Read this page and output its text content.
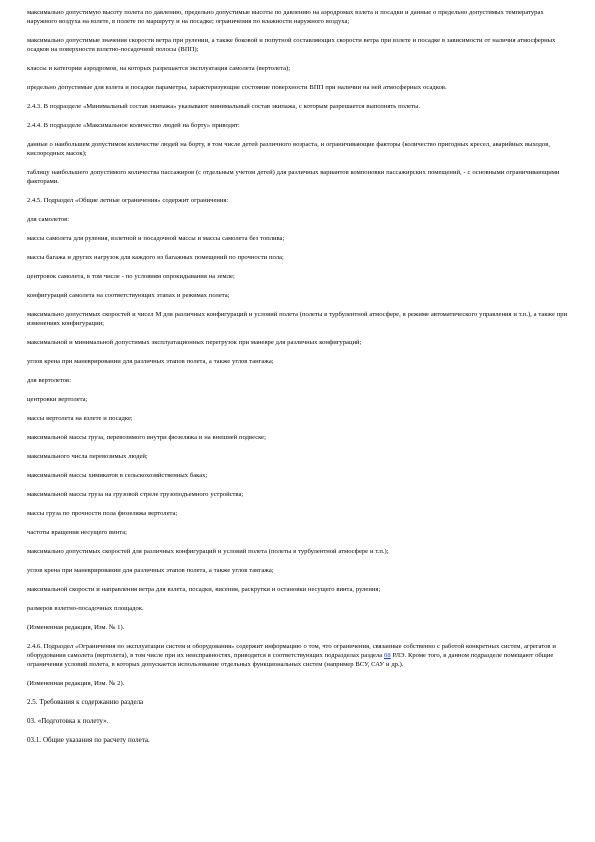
максимально допустимую высоту полета по давлению, предельно допустимые высоты по давлению на аэродромах взлета и посадки и данные о предельно допустимых температурах наружного воздуха на взлете, в полете по маршруту и на посадке; ограничения по влажности наружного воздуха;

максимально допустимые значения скорости ветра при рулении, а также боковой и попутной составляющих скорости ветра при взлете и посадке в зависимости от наличия атмосферных осадков на поверхности взлетно-посадочной полосы (ВПП);

классы и категории аэродромов, на которых разрешается эксплуатация самолета (вертолета);

предельно допустимые для взлета и посадки параметры, характеризующие состояние поверхности ВПП при наличии на ней атмосферных осадков.

2.4.3. В подразделе «Минимальный состав экипажа» указывают минимальный состав экипажа, с которым разрешается выполнять полеты.

2.4.4. В подразделе «Максимальное количество людей на борту» приводят:

данные о наибольшем допустимом количестве людей на борту, в том числе детей различного возраста, и ограничивающие факторы (количество пригодных кресел, аварийных выходов, кислородных масок);

таблицу наибольшего допустимого количества пассажиров (с отдельным учетом детей) для различных вариантов компоновки пассажирских помещений, - с основными ограничивающими факторами.

2.4.5. Подраздел «Общие летные ограничения» содержит ограничения:

для самолетов:

массы самолета для руления, взлетной и посадочной массы и массы самолета без топлива;

массы багажа и других нагрузок для каждого из багажных помещений по прочности пола;

центровок самолета, в том числе - по условиям опрокидывания на земле;

конфигураций самолета на соответствующих этапах и режимах полета;

максимально допустимых скоростей и чисел М для различных конфигураций и условий полета (полеты в турбулентной атмосфере, в режиме автоматического управления и т.п.), а также при изменениях конфигурации;

максимальной и минимальной допустимых эксплуатационных перегрузок при маневре для различных конфигураций;

углов крена при маневрировании для различных этапов полета, а также углов тангажа;

для вертолетов:

центровки вертолета;

массы вертолета на взлете и посадке;

максимальной массы груза, перевозимого внутри фюзеляжа и на внешней подвеске;

максимального числа перевозимых людей;

максимальной массы химикатов в сельскохозяйственных баках;

максимальной массы груза на грузовой стреле грузоподъемного устройства;

массы груза по прочности пола фюзеляжа вертолета;

частоты вращения несущего винта;

максимально допустимых скоростей для различных конфигураций и условий полета (полеты в турбулентной атмосфере и т.п.);

углов крена при маневрировании для различных этапов полета, а также углов тангажа;

максимальной скорости и направления ветра для взлета, посадки, висения, раскрутки и остановки несущего винта, руления;

размеров взлетно-посадочных площадок.

(Измененная редакция, Изм. № 1).

2.4.6. Подраздел «Ограничения по эксплуатации систем и оборудования» содержит информацию о том, что ограничения, связанные собственно с работой конкретных систем, агрегатов и оборудования самолета (вертолета), в том числе при их неисправностях, приводятся в соответствующих подразделах раздела 08 РЛЭ. Кроме того, в данном подразделе помещают общие ограничения условий полета, в которых допускается использование отдельных функциональных систем (например ВСУ, САУ и др.).

(Измененная редакция, Изм. № 2).

2.5. Требования к содержанию раздела

03. «Подготовка к полету».

03.1. Общие указания по расчету полета.
